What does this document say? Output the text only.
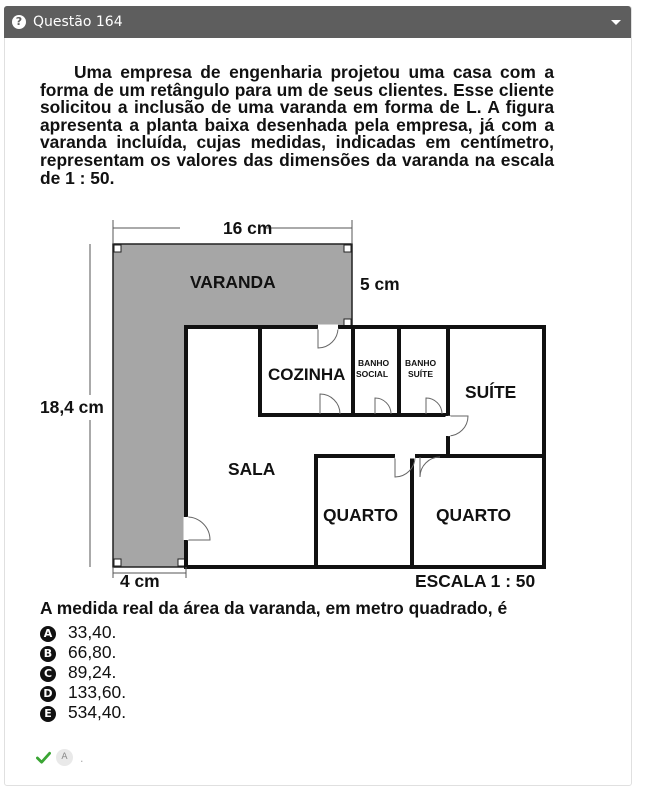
? Questão 164

Uma empresa de engenharia projetou uma casa com a forma de um retângulo para um de seus clientes. Esse cliente solicitou a inclusão de uma varanda em forma de L. A figura apresenta a planta baixa desenhada pela empresa, já com a varanda incluída, cujas medidas, indicadas em centímetro, representam os valores das dimensões da varanda na escala de 1 : 50.

16 cm
5 cm
18,4 cm
4 cm	ESCALA 1 : 50
VARANDA
COZINHA
BANHO
SOCIAL
BANHO
SUÍTE
SUÍTE
SALA
QUARTO QUARTO
A medida real da área da varanda, em metro quadrado, é
A 33,40.
B 66,80.
C 89,24.
D 133,60.
E 534,40.
A	.
